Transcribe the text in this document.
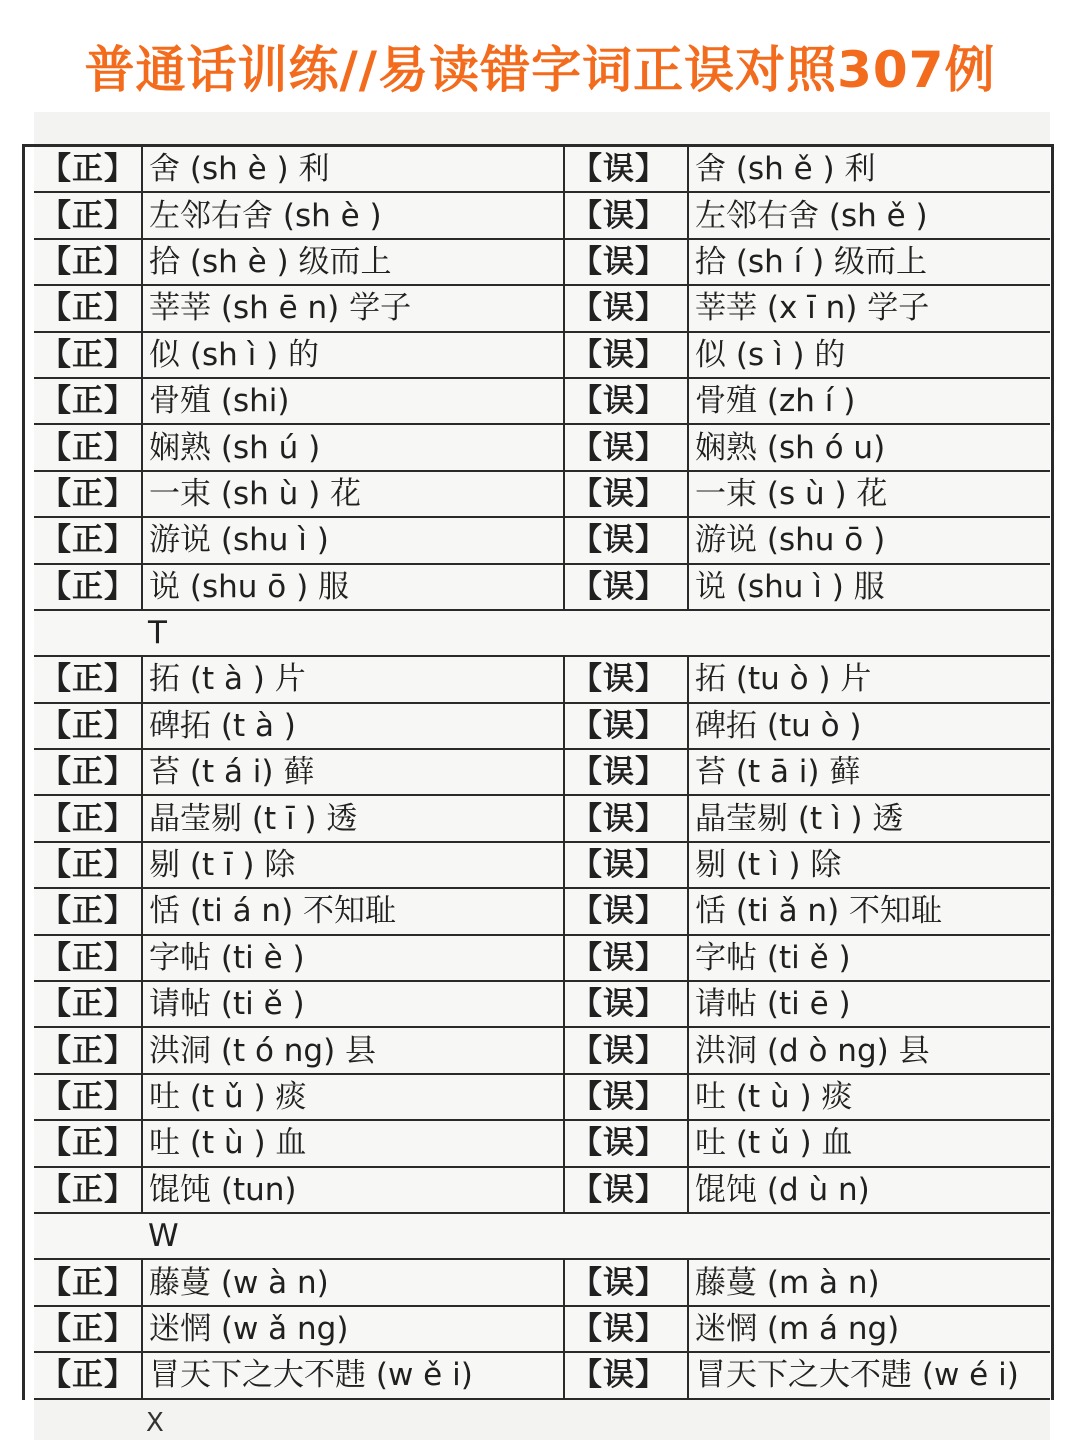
普通话训练//易读错字词正误对照307例
【正】	舍 (sh è ) 利	【误】	舍 (sh ě ) 利
【正】	左邻右舍 (sh è )	【误】	左邻右舍 (sh ě )
【正】	拾 (sh è ) 级而上	【误】	拾 (sh í ) 级而上
【正】	莘莘 (sh ē n) 学子	【误】	莘莘 (x ī n) 学子
【正】	似 (sh ì ) 的	【误】	似 (s ì ) 的
【正】	骨殖 (shi)	【误】	骨殖 (zh í )
【正】	娴熟 (sh ú )	【误】	娴熟 (sh ó u)
【正】	一束 (sh ù ) 花	【误】	一束 (s ù ) 花
【正】	游说 (shu ì )	【误】	游说 (shu ō )
【正】	说 (shu ō ) 服	【误】	说 (shu ì ) 服
	T		
【正】	拓 (t à ) 片	【误】	拓 (tu ò ) 片
【正】	碑拓 (t à )	【误】	碑拓 (tu ò )
【正】	苔 (t á i) 藓	【误】	苔 (t ā i) 藓
【正】	晶莹剔 (t ī ) 透	【误】	晶莹剔 (t ì ) 透
【正】	剔 (t ī ) 除	【误】	剔 (t ì ) 除
【正】	恬 (ti á n) 不知耻	【误】	恬 (ti ǎ n) 不知耻
【正】	字帖 (ti è )	【误】	字帖 (ti ě )
【正】	请帖 (ti ě )	【误】	请帖 (ti ē )
【正】	洪洞 (t ó ng) 县	【误】	洪洞 (d ò ng) 县
【正】	吐 (t ǔ ) 痰	【误】	吐 (t ù ) 痰
【正】	吐 (t ù ) 血	【误】	吐 (t ǔ ) 血
【正】	馄饨 (tun)	【误】	馄饨 (d ù n)
	W		
【正】	藤蔓 (w à n)	【误】	藤蔓 (m à n)
【正】	迷惘 (w ǎ ng)	【误】	迷惘 (m á ng)
【正】	冒天下之大不韪 (w ě i)	【误】	冒天下之大不韪 (w é i)
X
